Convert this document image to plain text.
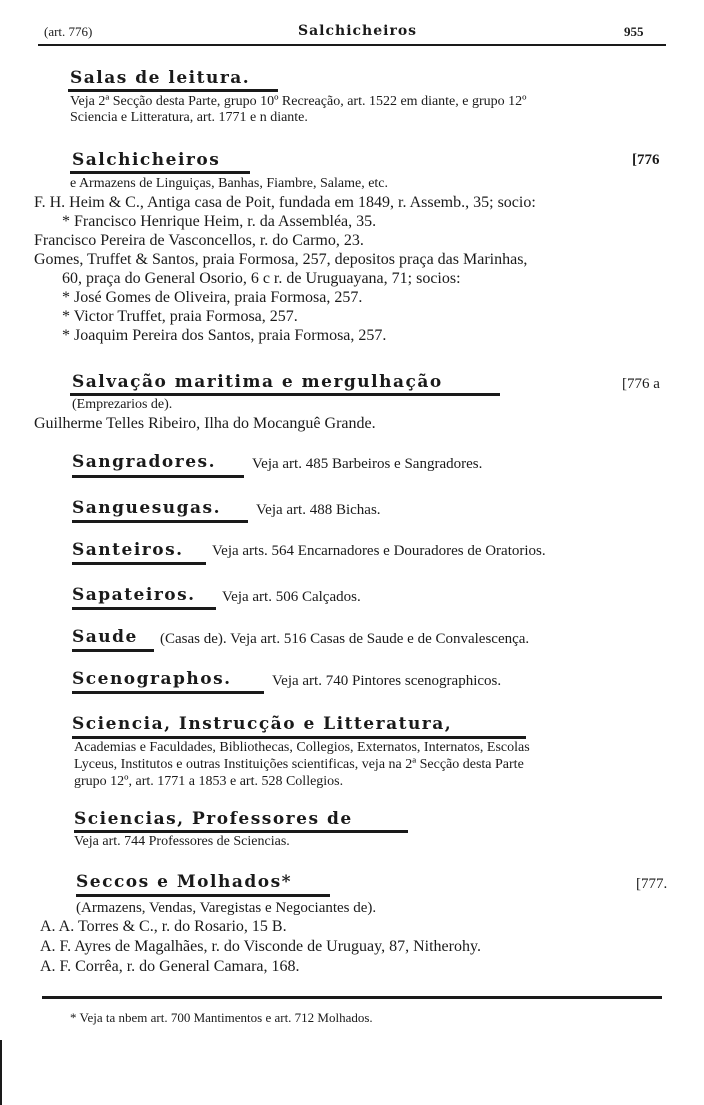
(art. 776)	Salchicheiros	955
Salas de leitura.
Veja 2ª Secção desta Parte, grupo 10º Recreação, art. 1522 em diante, e grupo 12º
Sciencia e Litteratura, art. 1771 e n diante.
Salchicheiros	[776
e Armazens de Linguiças, Banhas, Fiambre, Salame, etc.
F. H. Heim & C., Antiga casa de Poit, fundada em 1849, r. Assemb., 35; socio:
* Francisco Henrique Heim, r. da Assembléa, 35.
Francisco Pereira de Vasconcellos, r. do Carmo, 23.
Gomes, Truffet & Santos, praia Formosa, 257, depositos praça das Marinhas,
60, praça do General Osorio, 6 c r. de Uruguayana, 71; socios:
* José Gomes de Oliveira, praia Formosa, 257.
* Victor Truffet, praia Formosa, 257.
* Joaquim Pereira dos Santos, praia Formosa, 257.
Salvação maritima e mergulhação	[776 a
(Emprezarios de).
Guilherme Telles Ribeiro, Ilha do Mocanguê Grande.
Sangradores. Veja art. 485 Barbeiros e Sangradores.
Sanguesugas. Veja art. 488 Bichas.
Santeiros. Veja arts. 564 Encarnadores e Douradores de Oratorios.
Sapateiros. Veja art. 506 Calçados.
Saude (Casas de). Veja art. 516 Casas de Saude e de Convalescença.
Scenographos.	Veja art. 740 Pintores scenographicos.
Sciencia, Instrucção e Litteratura,
Academias e Faculdades, Bibliothecas, Collegios, Externatos, Internatos, Escolas
Lyceus, Institutos e outras Instituições scientificas, veja na 2ª Secção desta Parte
grupo 12º, art. 1771 a 1853 e art. 528 Collegios.
Sciencias, Professores de
Veja art. 744 Professores de Sciencias.
Seccos e Molhados*	[777.
(Armazens, Vendas, Varegistas e Negociantes de).
A. A. Torres & C., r. do Rosario, 15 B.
A. F. Ayres de Magalhães, r. do Visconde de Uruguay, 87, Nitherohy.
A. F. Corrêa, r. do General Camara, 168.
* Veja ta nbem art. 700 Mantimentos e art. 712 Molhados.
